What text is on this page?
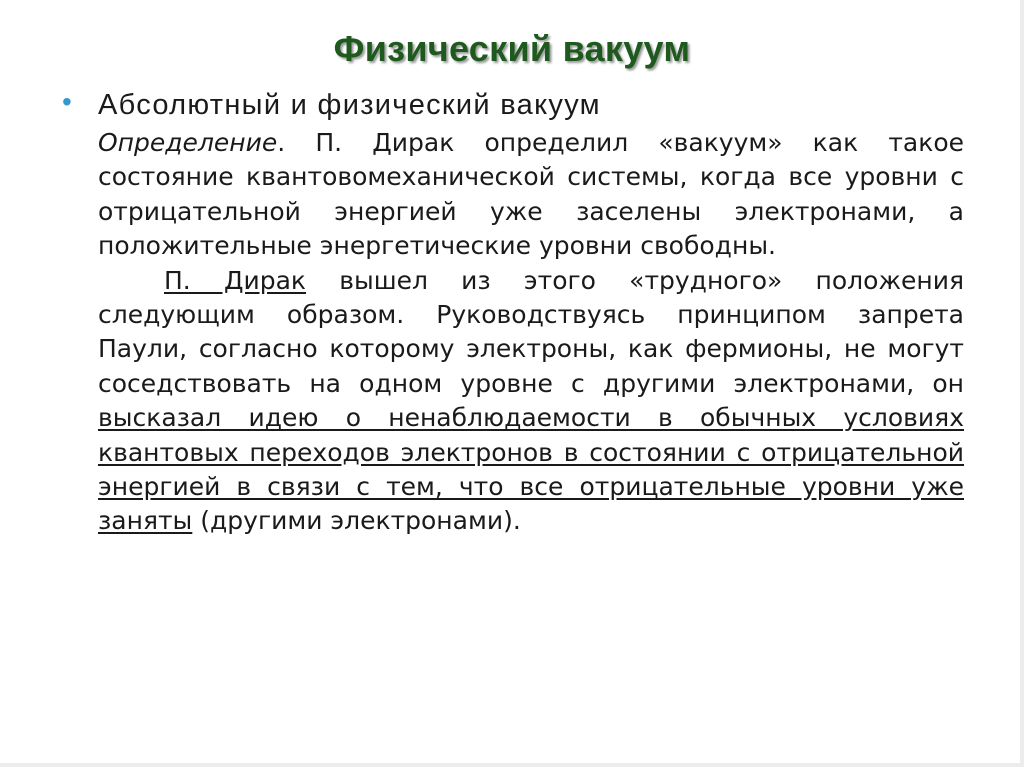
Физический вакуум
• Абсолютный и физический вакуум

Определение. П. Дирак определил «вакуум» как такое состояние квантовомеханической системы, когда все уровни с отрицательной энергией уже заселены электронами, а положительные энергетические уровни свободны.

П. Дирак вышел из этого «трудного» положения следующим образом. Руководствуясь принципом запрета Паули, согласно которому электроны, как фермионы, не могут соседствовать на одном уровне с другими электронами, он высказал идею о ненаблюдаемости в обычных условиях квантовых переходов электронов в состоянии с отрицательной энергией в связи с тем, что все отрицательные уровни уже заняты (другими электронами).
